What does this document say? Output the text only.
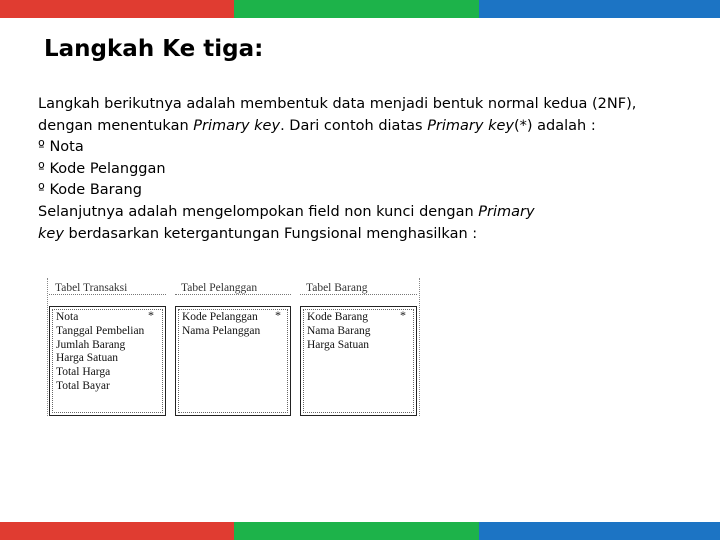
Langkah Ke tiga:
Langkah berikutnya adalah membentuk data menjadi bentuk normal kedua (2NF),
dengan menentukan Primary key. Dari contoh diatas Primary key(*) adalah :
º Nota
º Kode Pelanggan
º Kode Barang
Selanjutnya adalah mengelompokan field non kunci dengan Primary
key berdasarkan ketergantungan Fungsional menghasilkan :
Tabel Transaksi
Nota
Tanggal Pembelian
Jumlah Barang
Harga Satuan
Total Harga
Total Bayar
*
Tabel Pelanggan
Kode Pelanggan
Nama Pelanggan
*
Tabel Barang
Kode Barang
Nama Barang
Harga Satuan
*
